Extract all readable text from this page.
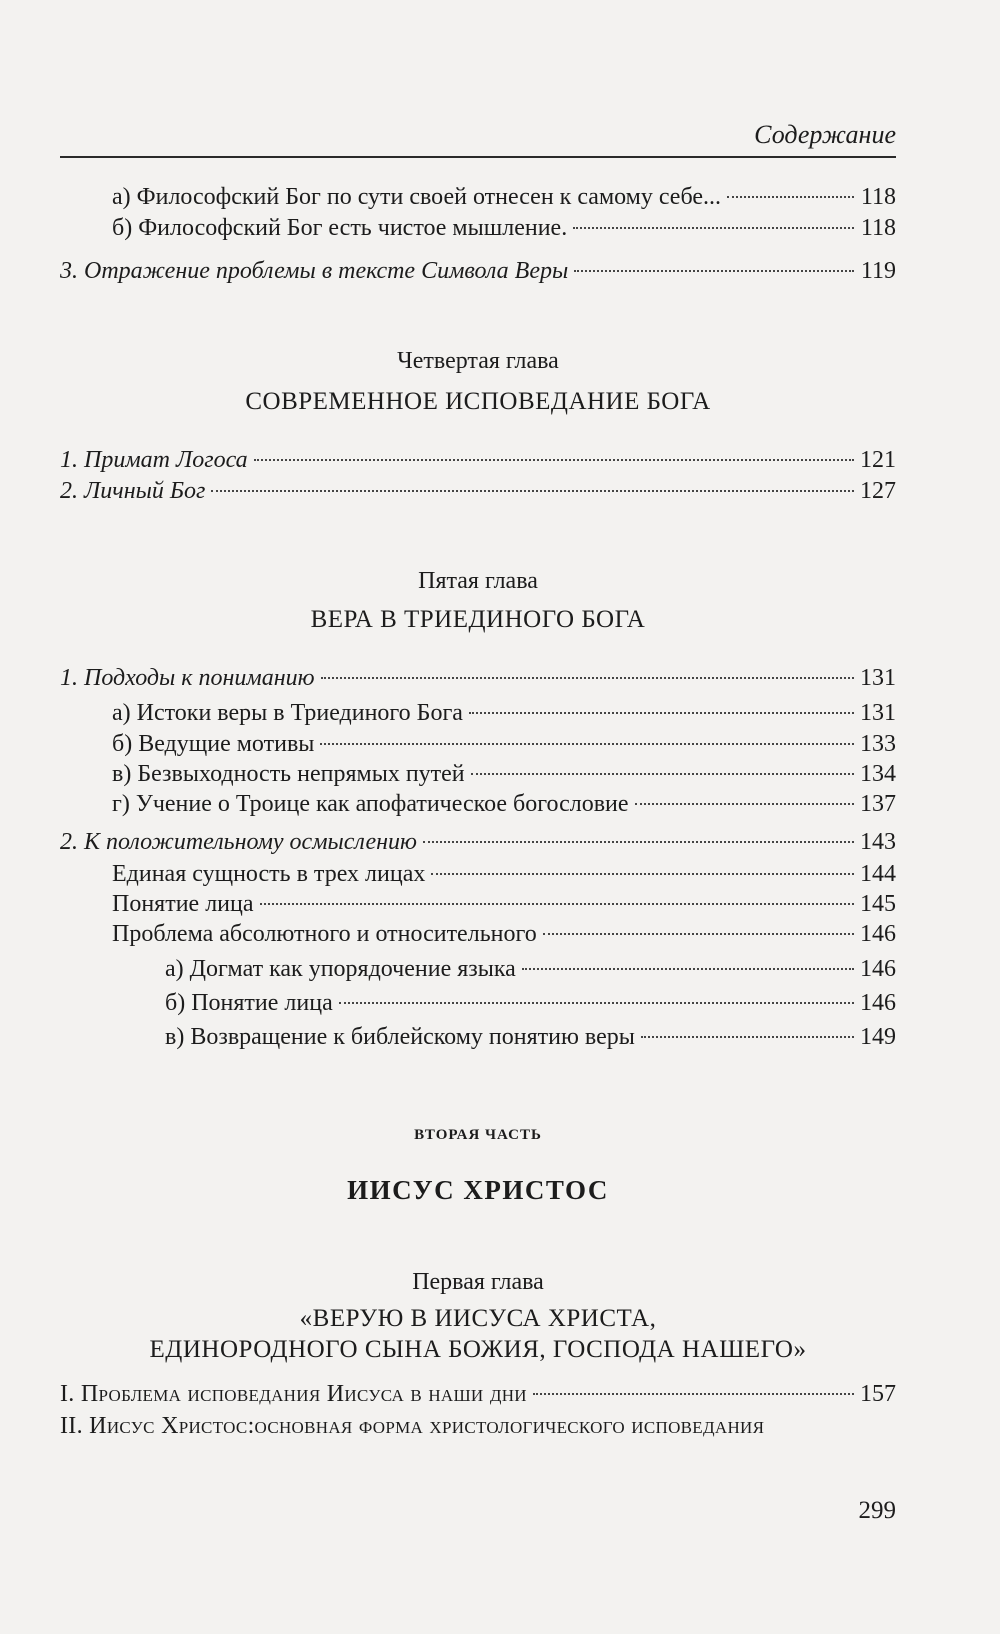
Содержание
а) Философский Бог по сути своей отнесен к самому себе...	118
б) Философский Бог есть чистое мышление.	118
3. Отражение проблемы в тексте Символа Веры	119
Четвертая глава
СОВРЕМЕННОЕ ИСПОВЕДАНИЕ БОГА
1. Примат Логоса	121
2. Личный Бог	127
Пятая глава
ВЕРА В ТРИЕДИНОГО БОГА
1. Подходы к пониманию	131
а) Истоки веры в Триединого Бога	131
б) Ведущие мотивы	133
в) Безвыходность непрямых путей	134
г) Учение о Троице как апофатическое богословие	137
2. К положительному осмыслению	143
Единая сущность в трех лицах	144
Понятие лица	145
Проблема абсолютного и относительного	146
а) Догмат как упорядочение языка	146
б) Понятие лица	146
в) Возвращение к библейскому понятию веры	149
ВТОРАЯ ЧАСТЬ
ИИСУС ХРИСТОС
Первая глава
«ВЕРУЮ В ИИСУСА ХРИСТА,
ЕДИНОРОДНОГО СЫНА БОЖИЯ, ГОСПОДА НАШЕГО»
I. Проблема исповедания Иисуса в наши дни	157
II. Иисус Христос:основная форма христологического исповедания
299
